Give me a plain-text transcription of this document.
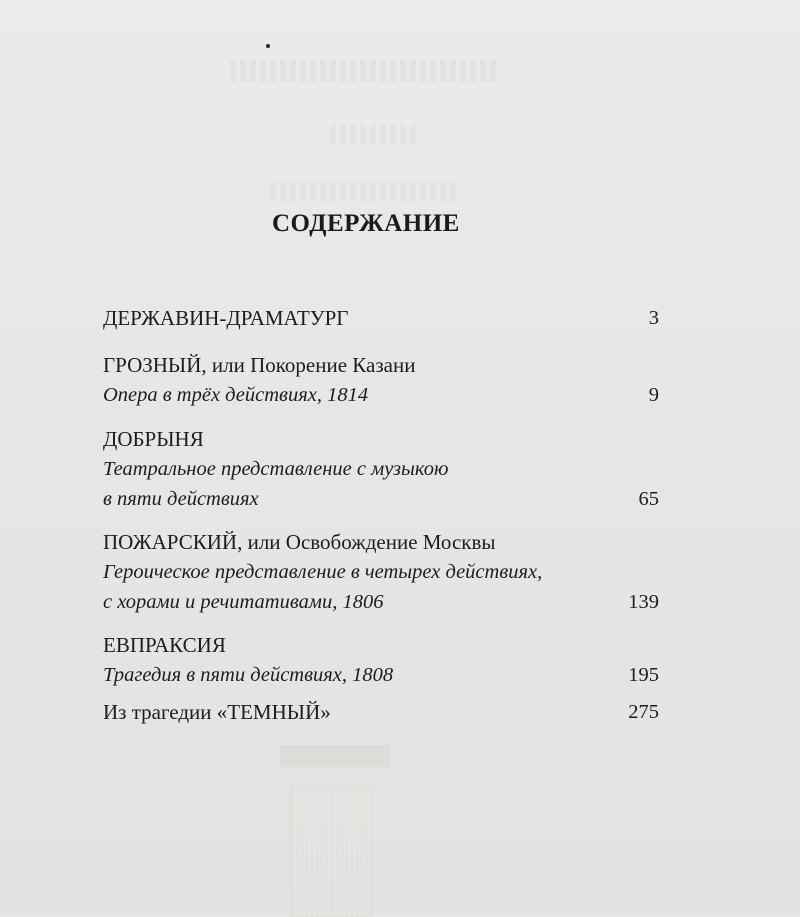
СОДЕРЖАНИЕ
ДЕРЖАВИН-ДРАМАТУРГ	3
ГРОЗНЫЙ, или Покорение Казани
Опера в трёх действиях, 1814	9
ДОБРЫНЯ
Театральное представление с музыкою
в пяти действиях	65
ПОЖАРСКИЙ, или Освобождение Москвы
Героическое представление в четырех действиях,
с хорами и речитативами, 1806	139
ЕВПРАКСИЯ
Трагедия в пяти действиях, 1808	195
Из трагедии «ТЕМНЫЙ»	275
